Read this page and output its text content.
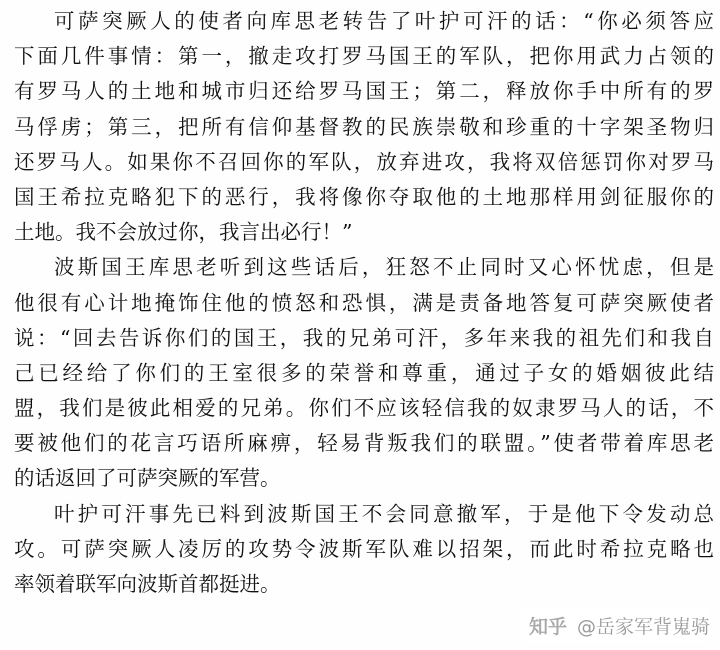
可萨突厥人的使者向库思老转告了叶护可汗的话：“你必须答应
下面几件事情：第一，撤走攻打罗马国王的军队，把你用武力占领的
有罗马人的土地和城市归还给罗马国王；第二，释放你手中所有的罗
马俘虏；第三，把所有信仰基督教的民族崇敬和珍重的十字架圣物归
还罗马人。如果你不召回你的军队，放弃进攻，我将双倍惩罚你对罗马
国王希拉克略犯下的恶行，我将像你夺取他的土地那样用剑征服你的
土地。我不会放过你，我言出必行！”
波斯国王库思老听到这些话后，狂怒不止同时又心怀忧虑，但是
他很有心计地掩饰住他的愤怒和恐惧，满是责备地答复可萨突厥使者
说：“回去告诉你们的国王，我的兄弟可汗，多年来我的祖先们和我自
己已经给了你们的王室很多的荣誉和尊重，通过子女的婚姻彼此结
盟，我们是彼此相爱的兄弟。你们不应该轻信我的奴隶罗马人的话，不
要被他们的花言巧语所麻痹，轻易背叛我们的联盟。”使者带着库思老
的话返回了可萨突厥的军营。
叶护可汗事先已料到波斯国王不会同意撤军，于是他下令发动总
攻。可萨突厥人凌厉的攻势令波斯军队难以招架，而此时希拉克略也
率领着联军向波斯首都挺进。
知乎 @岳家军背嵬骑
